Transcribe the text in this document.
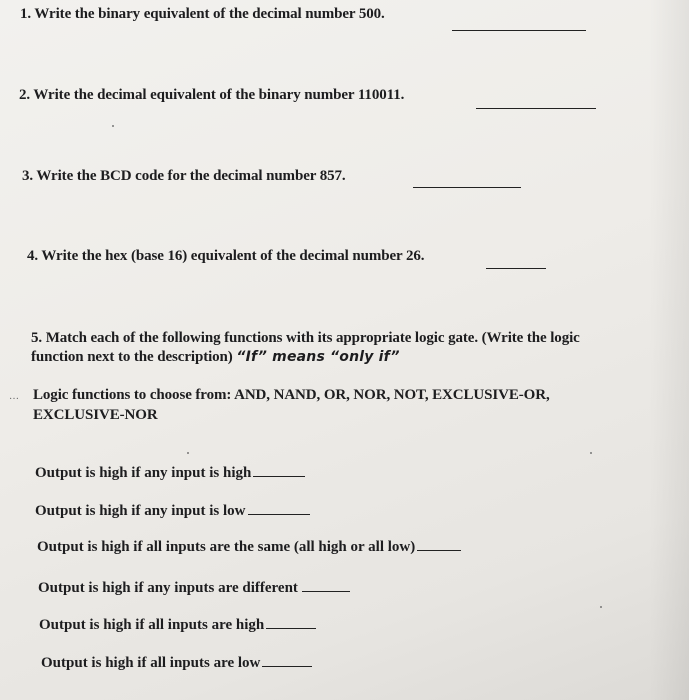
1. Write the binary equivalent of the decimal number 500.
2. Write the decimal equivalent of the binary number 110011.
3. Write the BCD code for the decimal number 857.
4. Write the hex (base 16) equivalent of the decimal number 26.
5. Match each of the following functions with its appropriate logic gate. (Write the logic
function next to the description) “If” means “only if”
… Logic functions to choose from: AND, NAND, OR, NOR, NOT, EXCLUSIVE-OR,
EXCLUSIVE-NOR
Output is high if any input is high
Output is high if any input is low
Output is high if all inputs are the same (all high or all low)
Output is high if any inputs are different
Output is high if all inputs are high
Output is high if all inputs are low
